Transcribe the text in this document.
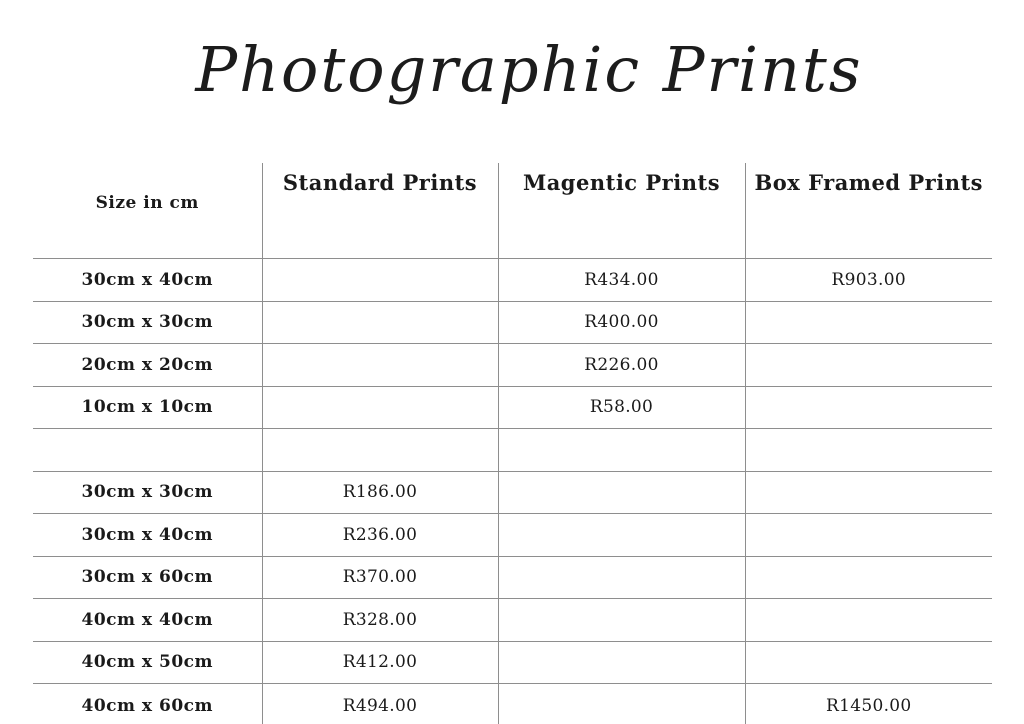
Photographic Prints
Size in cm	Standard Prints	Magentic Prints	Box Framed Prints
30cm x 40cm		R434.00	R903.00
30cm x 30cm		R400.00	
20cm x 20cm		R226.00	
10cm x 10cm		R58.00	

30cm x 30cm	R186.00		
30cm x 40cm	R236.00		
30cm x 60cm	R370.00		
40cm x 40cm	R328.00		
40cm x 50cm	R412.00		
40cm x 60cm	R494.00		R1450.00
